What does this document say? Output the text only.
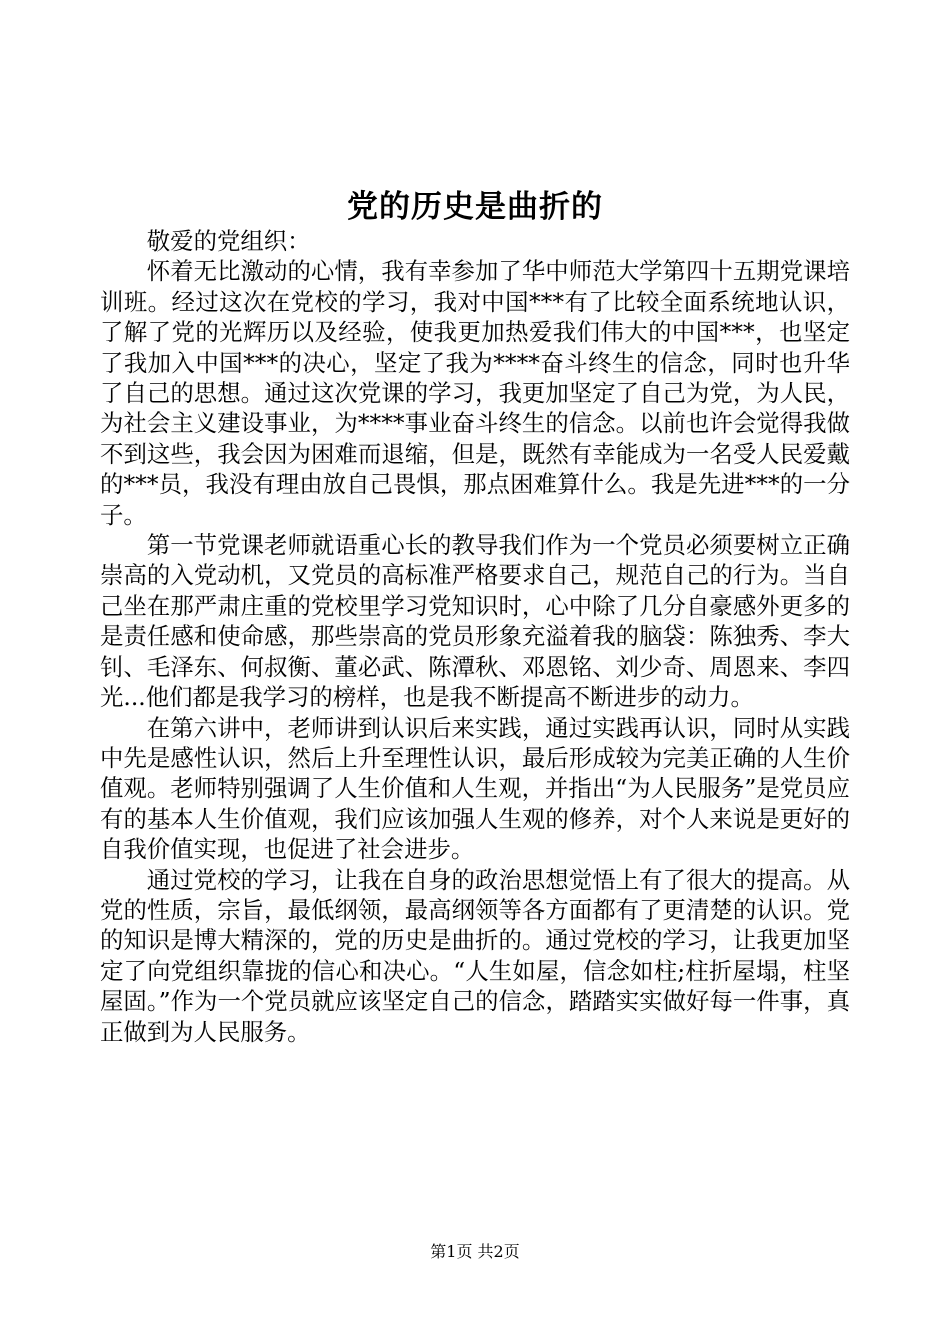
党的历史是曲折的

敬爱的党组织：

怀着无比激动的心情，我有幸参加了华中师范大学第四十五期党课培训班。经过这次在党校的学习，我对中国***有了比较全面系统地认识，了解了党的光辉历以及经验，使我更加热爱我们伟大的中国***，也坚定了我加入中国***的决心，坚定了我为****奋斗终生的信念，同时也升华了自己的思想。通过这次党课的学习，我更加坚定了自己为党，为人民，为社会主义建设事业，为****事业奋斗终生的信念。以前也许会觉得我做不到这些，我会因为困难而退缩，但是，既然有幸能成为一名受人民爱戴的***员，我没有理由放自己畏惧，那点困难算什么。我是先进***的一分子。

第一节党课老师就语重心长的教导我们作为一个党员必须要树立正确崇高的入党动机，又党员的高标准严格要求自己，规范自己的行为。当自己坐在那严肃庄重的党校里学习党知识时，心中除了几分自豪感外更多的是责任感和使命感，那些崇高的党员形象充溢着我的脑袋：陈独秀、李大钊、毛泽东、何叔衡、董必武、陈潭秋、邓恩铭、刘少奇、周恩来、李四光...他们都是我学习的榜样，也是我不断提高不断进步的动力。

在第六讲中，老师讲到认识后来实践，通过实践再认识，同时从实践中先是感性认识，然后上升至理性认识，最后形成较为完美正确的人生价值观。老师特别强调了人生价值和人生观，并指出“为人民服务”是党员应有的基本人生价值观，我们应该加强人生观的修养，对个人来说是更好的自我价值实现，也促进了社会进步。

通过党校的学习，让我在自身的政治思想觉悟上有了很大的提高。从党的性质，宗旨，最低纲领，最高纲领等各方面都有了更清楚的认识。党的知识是博大精深的，党的历史是曲折的。通过党校的学习，让我更加坚定了向党组织靠拢的信心和决心。“人生如屋，信念如柱;柱折屋塌，柱坚屋固。”作为一个党员就应该坚定自己的信念，踏踏实实做好每一件事，真正做到为人民服务。

第1页 共2页
